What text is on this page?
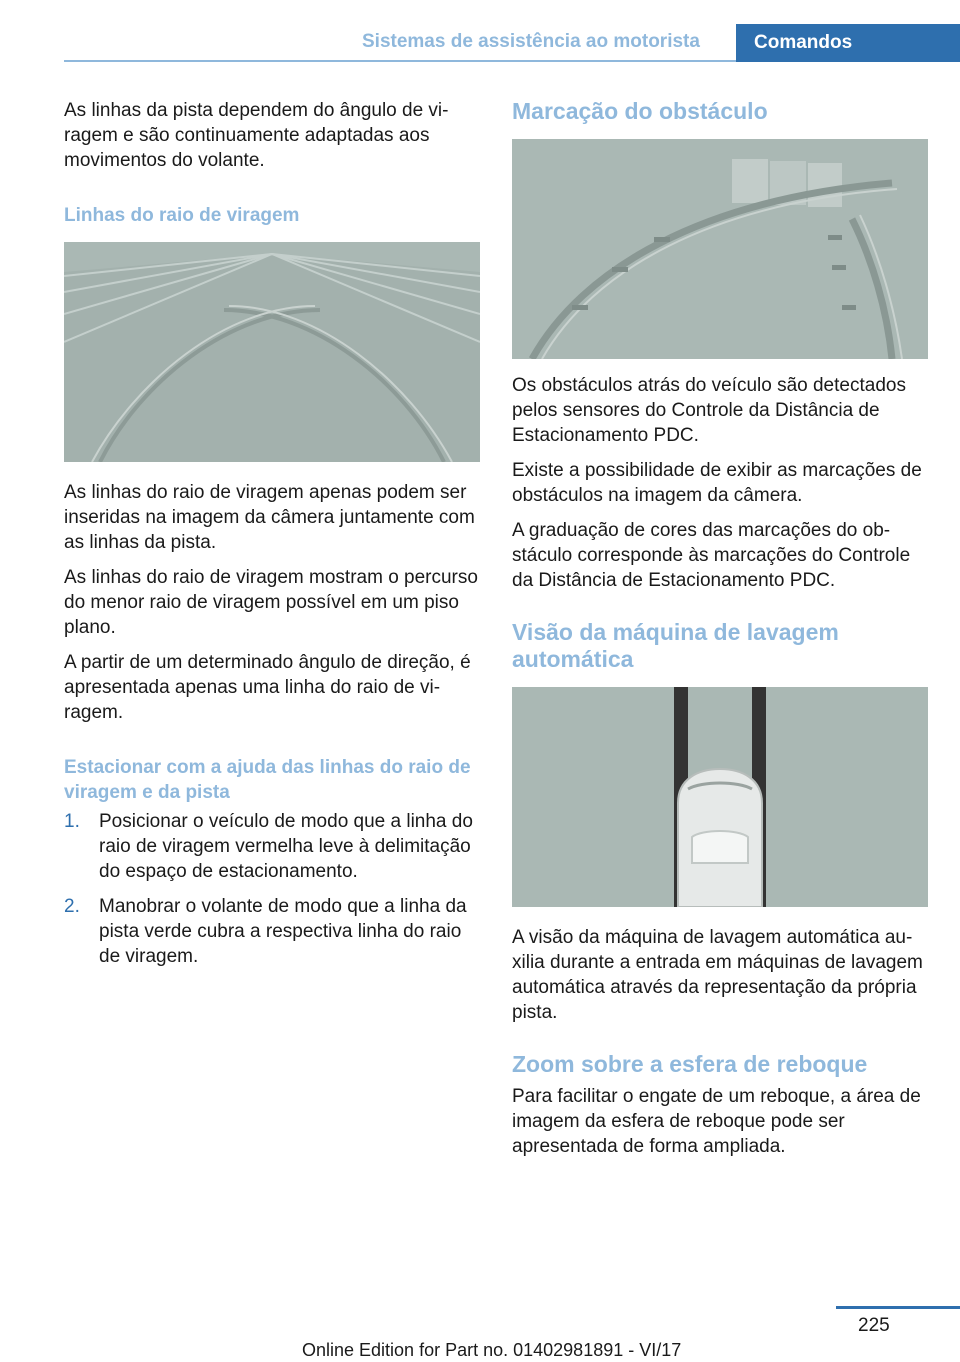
Sistemas de assistência ao motorista	Comandos

As linhas da pista dependem do ângulo de viragem e são continuamente adaptadas aos movimentos do volante.

Linhas do raio de viragem

As linhas do raio de viragem apenas podem ser inseridas na imagem da câmera juntamente com as linhas da pista.

As linhas do raio de viragem mostram o percurso do menor raio de viragem possível em um piso plano.

A partir de um determinado ângulo de direção, é apresentada apenas uma linha do raio de viragem.

Estacionar com a ajuda das linhas do raio de viragem e da pista
1. Posicionar o veículo de modo que a linha do raio de viragem vermelha leve à delimitação do espaço de estacionamento.
2. Manobrar o volante de modo que a linha da pista verde cubra a respectiva linha do raio de viragem.
Marcação do obstáculo

Os obstáculos atrás do veículo são detectados pelos sensores do Controle da Distância de Estacionamento PDC.

Existe a possibilidade de exibir as marcações de obstáculos na imagem da câmera.

A graduação de cores das marcações do obstáculo corresponde às marcações do Controle da Distância de Estacionamento PDC.

Visão da máquina de lavagem automática

A visão da máquina de lavagem automática auxilia durante a entrada em máquinas de lavagem automática através da representação da própria pista.

Zoom sobre a esfera de reboque

Para facilitar o engate de um reboque, a área de imagem da esfera de reboque pode ser apresentada de forma ampliada.

225
Online Edition for Part no. 01402981891 - VI/17
